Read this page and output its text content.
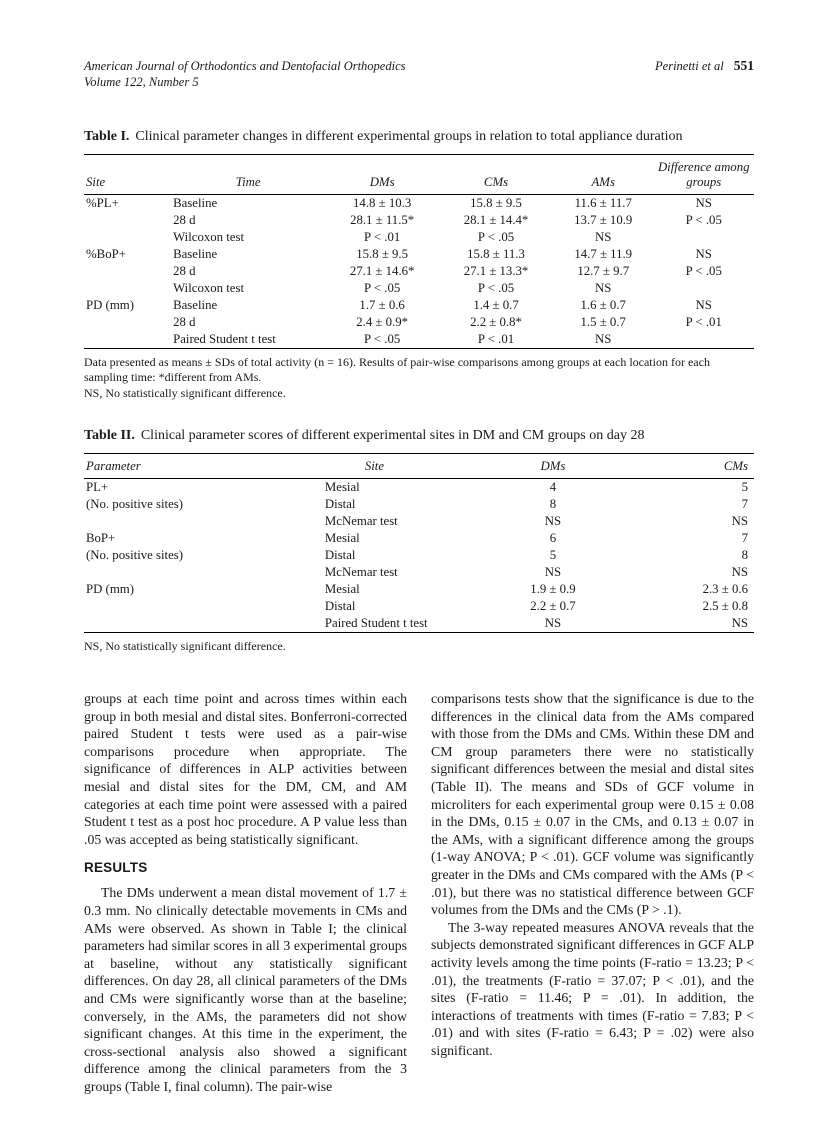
American Journal of Orthodontics and Dentofacial Orthopedics
Volume 122, Number 5
Perinetti et al 551
Table I. Clinical parameter changes in different experimental groups in relation to total appliance duration
Site	Time	DMs	CMs	AMs	Difference among groups
%PL+	Baseline	14.8 ± 10.3	15.8 ± 9.5	11.6 ± 11.7	NS
	28 d	28.1 ± 11.5*	28.1 ± 14.4*	13.7 ± 10.9	P < .05
	Wilcoxon test	P < .01	P < .05	NS	
%BoP+	Baseline	15.8 ± 9.5	15.8 ± 11.3	14.7 ± 11.9	NS
	28 d	27.1 ± 14.6*	27.1 ± 13.3*	12.7 ± 9.7	P < .05
	Wilcoxon test	P < .05	P < .05	NS	
PD (mm)	Baseline	1.7 ± 0.6	1.4 ± 0.7	1.6 ± 0.7	NS
	28 d	2.4 ± 0.9*	2.2 ± 0.8*	1.5 ± 0.7	P < .01
	Paired Student t test	P < .05	P < .01	NS	
Data presented as means ± SDs of total activity (n = 16). Results of pair-wise comparisons among groups at each location for each sampling time: *different from AMs.
NS, No statistically significant difference.
Table II. Clinical parameter scores of different experimental sites in DM and CM groups on day 28
Parameter	Site	DMs	CMs
PL+	Mesial	4	5
(No. positive sites)	Distal	8	7
	McNemar test	NS	NS
BoP+	Mesial	6	7
(No. positive sites)	Distal	5	8
	McNemar test	NS	NS
PD (mm)	Mesial	1.9 ± 0.9	2.3 ± 0.6
	Distal	2.2 ± 0.7	2.5 ± 0.8
	Paired Student t test	NS	NS
NS, No statistically significant difference.

groups at each time point and across times within each group in both mesial and distal sites. Bonferroni-corrected paired Student t tests were used as a pair-wise comparisons procedure when appropriate. The significance of differences in ALP activities between mesial and distal sites for the DM, CM, and AM categories at each time point were assessed with a paired Student t test as a post hoc procedure. A P value less than .05 was accepted as being statistically significant.

RESULTS

The DMs underwent a mean distal movement of 1.7 ± 0.3 mm. No clinically detectable movements in CMs and AMs were observed. As shown in Table I; the clinical parameters had similar scores in all 3 experimental groups at baseline, without any statistically significant differences. On day 28, all clinical parameters of the DMs and CMs were significantly worse than at the baseline; conversely, in the AMs, the parameters did not show significant changes. At this time in the experiment, the cross-sectional analysis also showed a significant difference among the clinical parameters from the 3 groups (Table I, final column). The pair-wise

comparisons tests show that the significance is due to the differences in the clinical data from the AMs compared with those from the DMs and CMs. Within these DM and CM group parameters there were no statistically significant differences between the mesial and distal sites (Table II). The means and SDs of GCF volume in microliters for each experimental group were 0.15 ± 0.08 in the DMs, 0.15 ± 0.07 in the CMs, and 0.13 ± 0.07 in the AMs, with a significant difference among the groups (1-way ANOVA; P < .01). GCF volume was significantly greater in the DMs and CMs compared with the AMs (P < .01), but there was no statistical difference between GCF volumes from the DMs and the CMs (P > .1).

The 3-way repeated measures ANOVA reveals that the subjects demonstrated significant differences in GCF ALP activity levels among the time points (F-ratio = 13.23; P < .01), the treatments (F-ratio = 37.07; P < .01), and the sites (F-ratio = 11.46; P = .01). In addition, the interactions of treatments with times (F-ratio = 7.83; P < .01) and with sites (F-ratio = 6.43; P = .02) were also significant.
